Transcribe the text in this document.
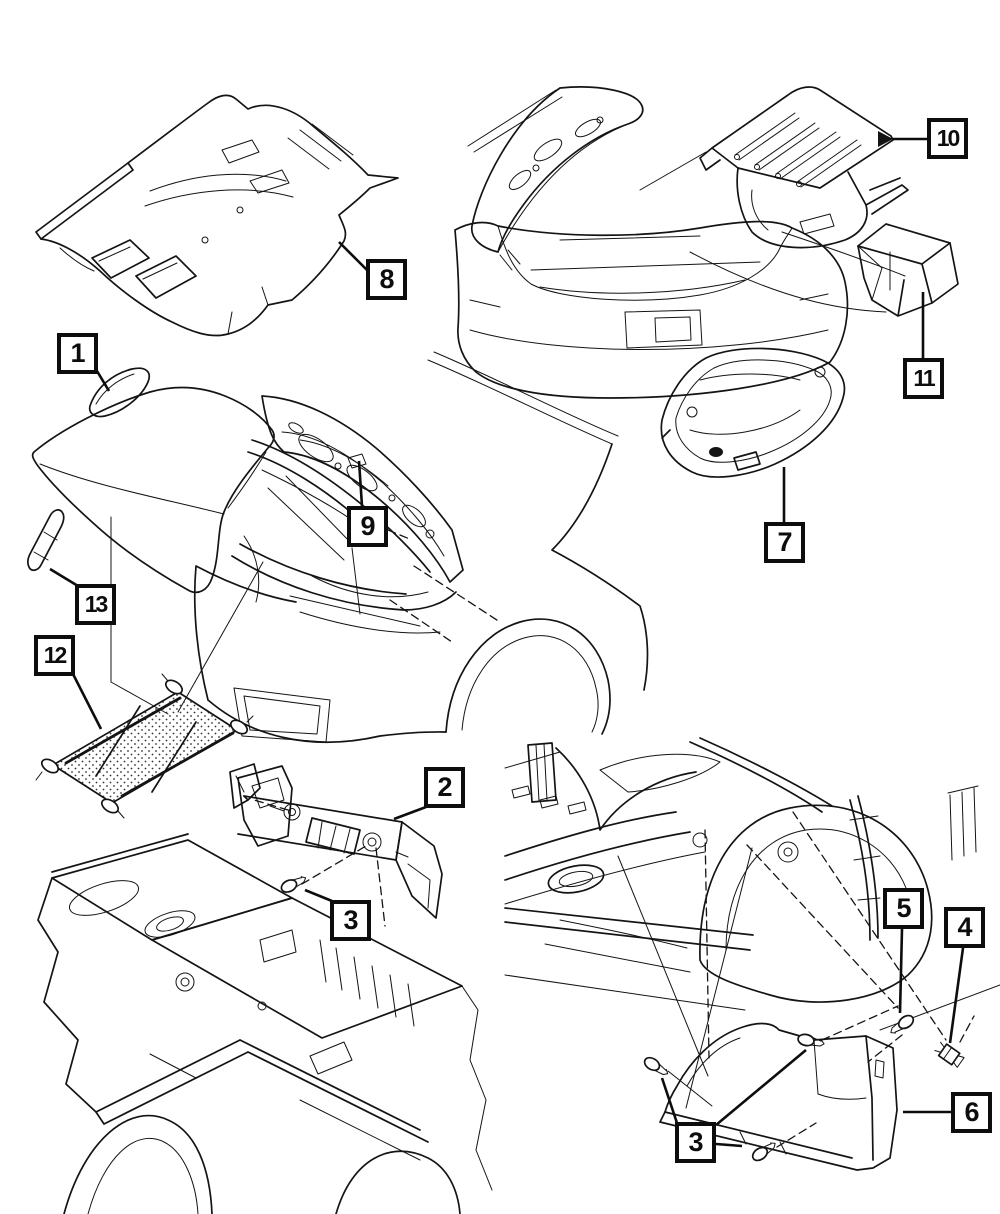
1
2
3
3
4
5
6
7
8
9
10
11
12
13
